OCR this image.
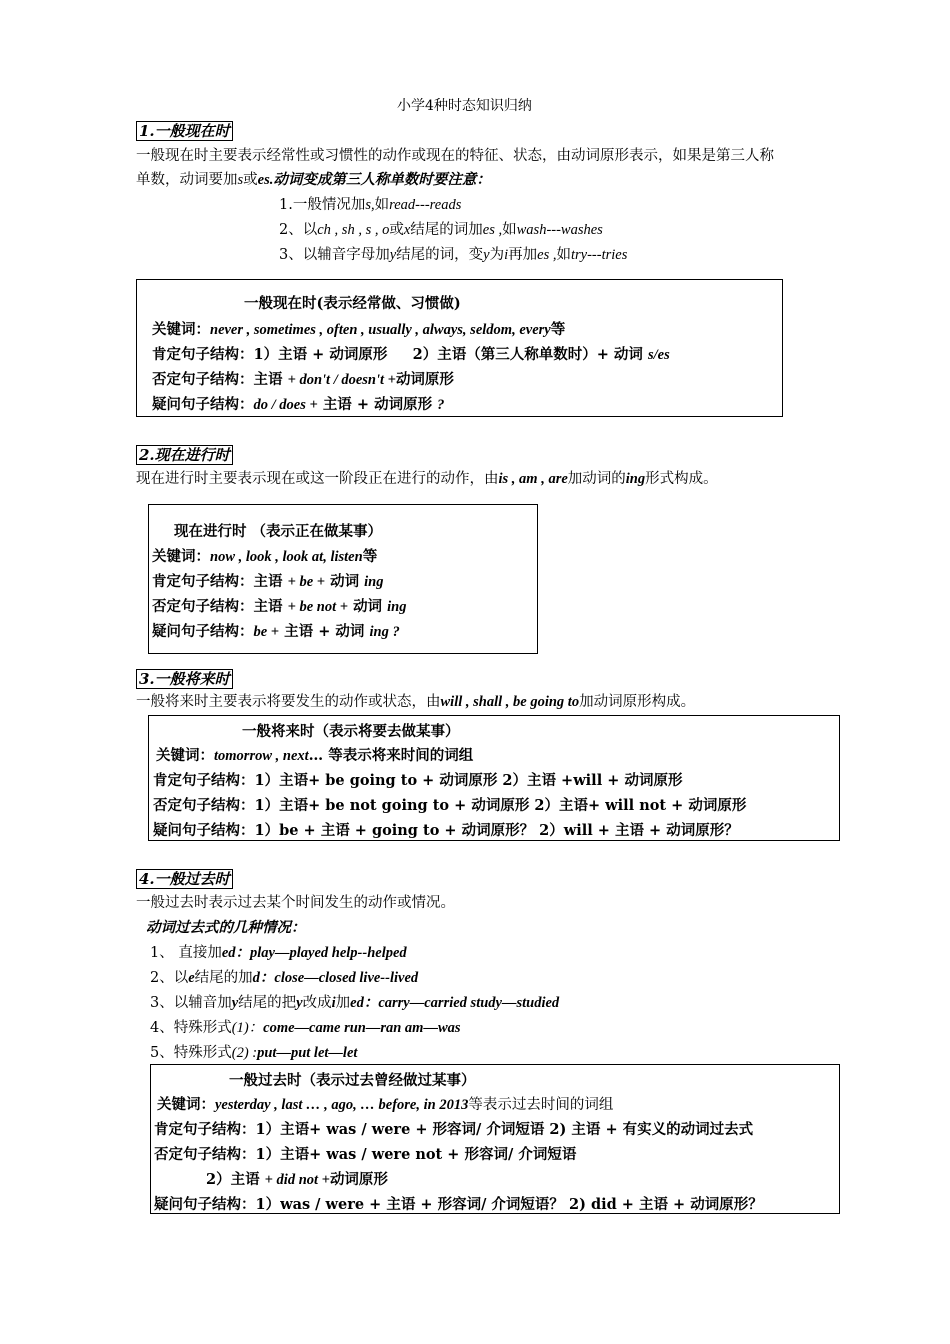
小学4种时态知识归纳
1.一般现在时
一般现在时主要表示经常性或习惯性的动作或现在的特征、状态，由动词原形表示，如果是第三人称
单数，动词要加s或es.动词变成第三人称单数时要注意：
1.一般情况加s,如read---reads
2、以ch , sh , s , o或x结尾的词加es ,如wash---washes
3、以辅音字母加y结尾的词，变y为i再加es ,如try---tries
一般现在时(表示经常做、习惯做)
关键词：never , sometimes , often , usually , always, seldom, every等
肯定句子结构：1）主语 + 动词原形 2）主语（第三人称单数时）+ 动词 s/es
否定句子结构：主语 + don't / doesn't +动词原形
疑问句子结构：do / does + 主语 + 动词原形 ?
2.现在进行时
现在进行时主要表示现在或这一阶段正在进行的动作，由is , am , are加动词的ing形式构成。
现在进行时 （表示正在做某事）
关键词：now , look , look at, listen等
肯定句子结构：主语 + be + 动词 ing
否定句子结构：主语 + be not + 动词 ing
疑问句子结构：be + 主语 + 动词 ing ?
3.一般将来时
一般将来时主要表示将要发生的动作或状态，由will , shall , be going to加动词原形构成。
一般将来时（表示将要去做某事）
关键词：tomorrow , next… 等表示将来时间的词组
肯定句子结构：1）主语+ be going to + 动词原形 2）主语 +will + 动词原形
否定句子结构：1）主语+ be not going to + 动词原形 2）主语+ will not + 动词原形
疑问句子结构：1）be + 主语 + going to + 动词原形？ 2）will + 主语 + 动词原形？
4.一般过去时
一般过去时表示过去某个时间发生的动作或情况。
动词过去式的几种情况：
1、 直接加ed：play—played help--helped
2、以e结尾的加d：close—closed live--lived
3、以辅音加y结尾的把y改成i加ed：carry—carried study—studied
4、特殊形式(1)：come—came run—ran am—was
5、特殊形式(2) :put—put let—let
一般过去时（表示过去曾经做过某事）
关键词：yesterday , last … , ago, … before, in 2013等表示过去时间的词组
肯定句子结构：1）主语+ was / were + 形容词/ 介词短语 2) 主语 + 有实义的动词过去式
否定句子结构：1）主语+ was / were not + 形容词/ 介词短语
2）主语 + did not +动词原形
疑问句子结构：1）was / were + 主语 + 形容词/ 介词短语？ 2) did + 主语 + 动词原形？
